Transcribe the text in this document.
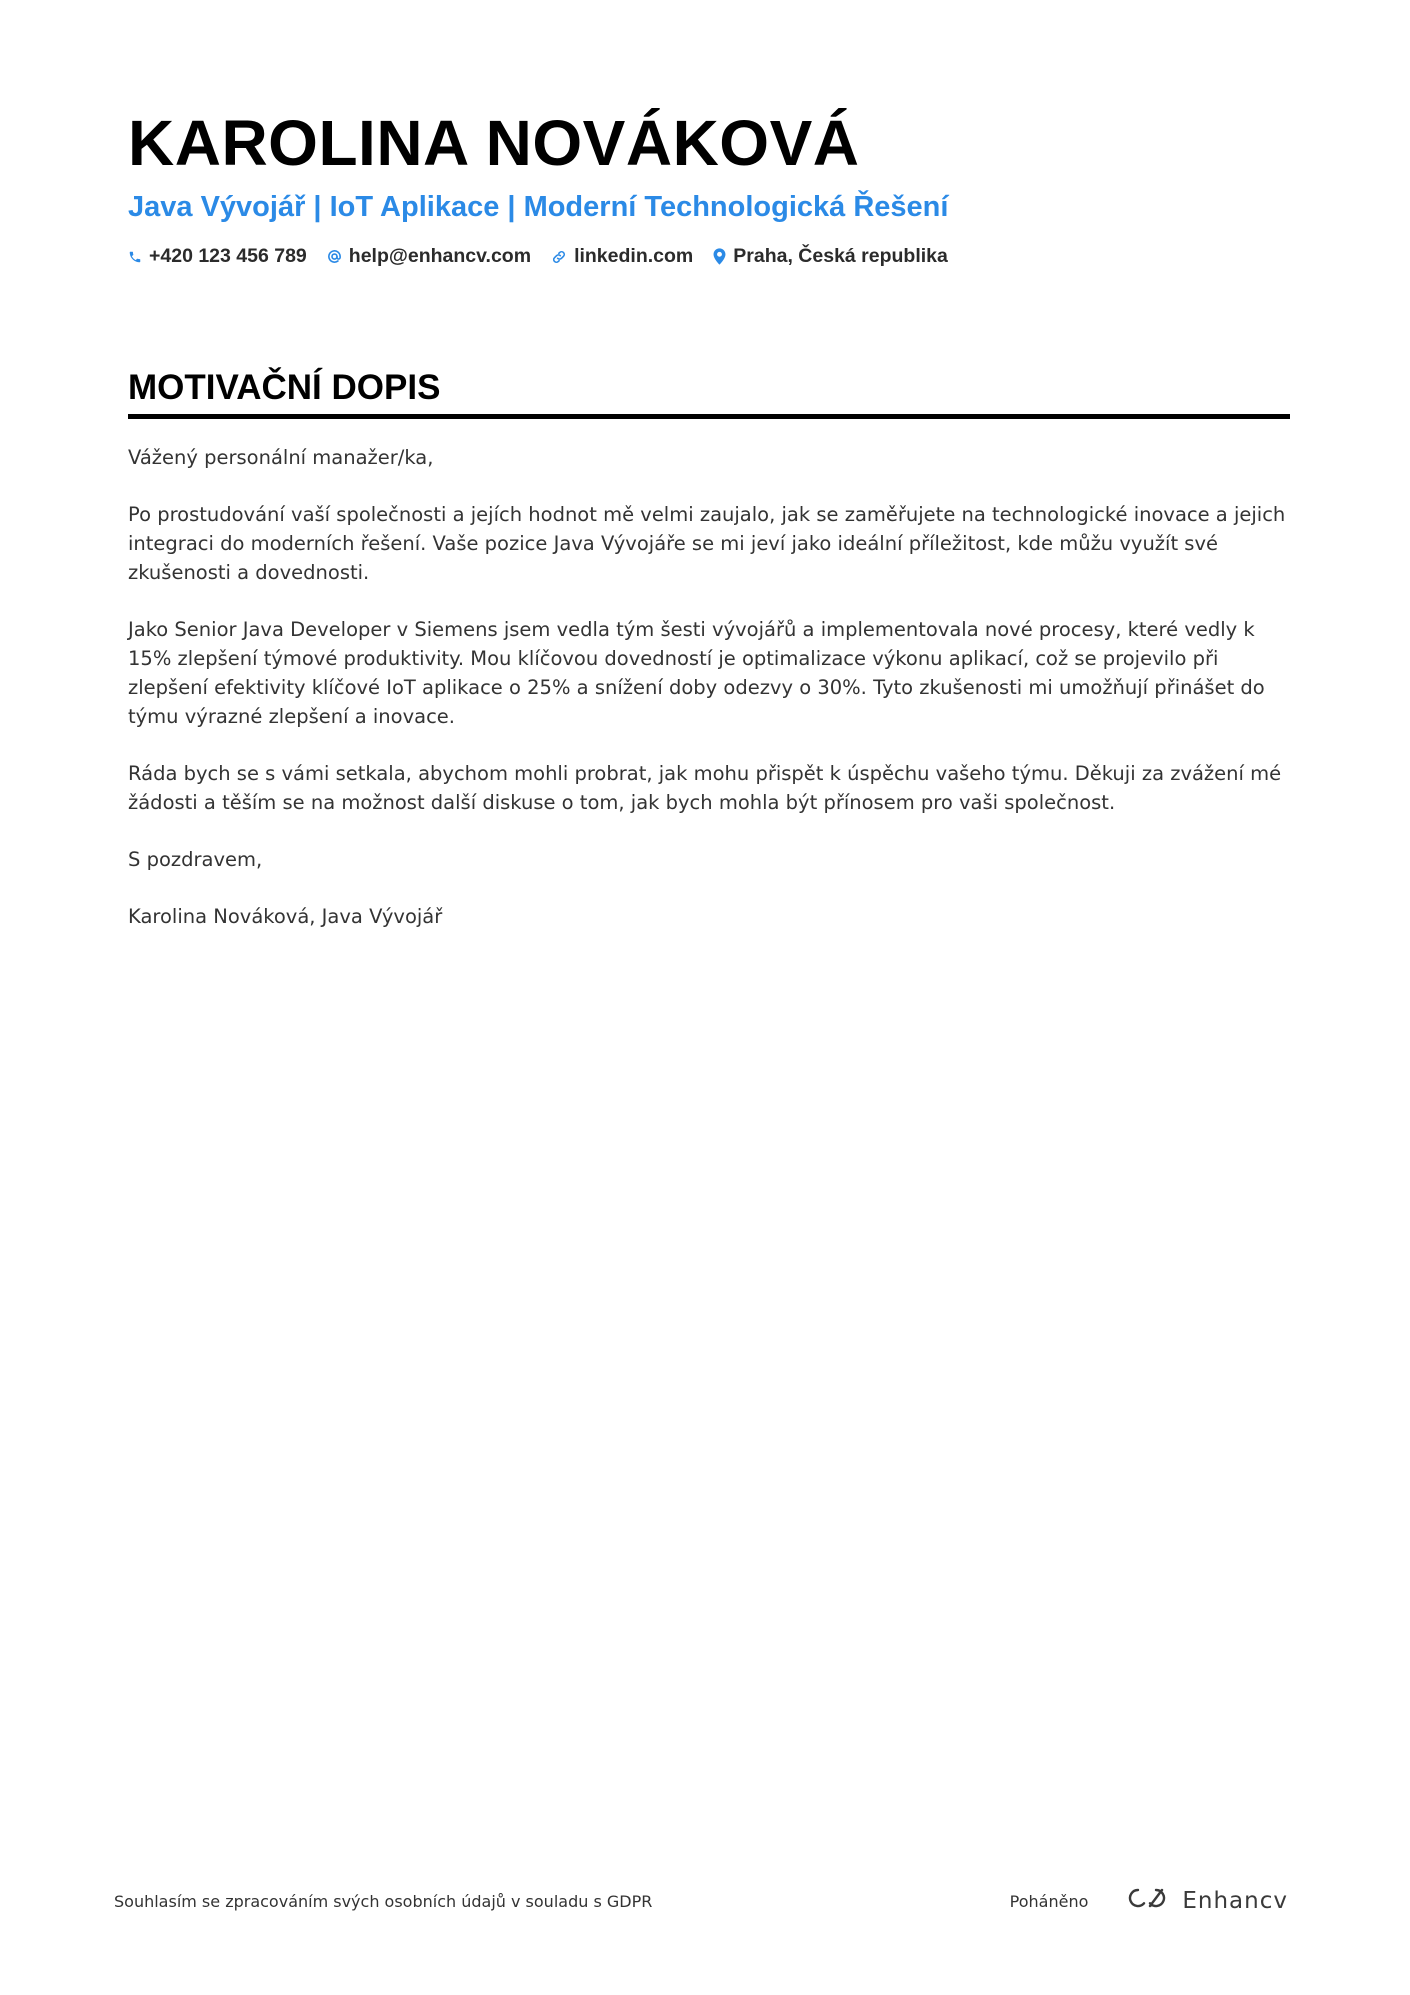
KAROLINA NOVÁKOVÁ
Java Vývojář | IoT Aplikace | Moderní Technologická Řešení
+420 123 456 789 help@enhancv.com linkedin.com Praha, Česká republika
MOTIVAČNÍ DOPIS

Vážený personální manažer/ka,

Po prostudování vaší společnosti a jejích hodnot mě velmi zaujalo, jak se zaměřujete na technologické inovace a jejich integraci do moderních řešení. Vaše pozice Java Vývojáře se mi jeví jako ideální příležitost, kde můžu využít své zkušenosti a dovednosti.

Jako Senior Java Developer v Siemens jsem vedla tým šesti vývojářů a implementovala nové procesy, které vedly k 15% zlepšení týmové produktivity. Mou klíčovou dovedností je optimalizace výkonu aplikací, což se projevilo při zlepšení efektivity klíčové IoT aplikace o 25% a snížení doby odezvy o 30%. Tyto zkušenosti mi umožňují přinášet do týmu výrazné zlepšení a inovace.

Ráda bych se s vámi setkala, abychom mohli probrat, jak mohu přispět k úspěchu vašeho týmu. Děkuji za zvážení mé žádosti a těším se na možnost další diskuse o tom, jak bych mohla být přínosem pro vaši společnost.

S pozdravem,

Karolina Nováková, Java Vývojář

Souhlasím se zpracováním svých osobních údajů v souladu s GDPR	Poháněno	Enhancv
